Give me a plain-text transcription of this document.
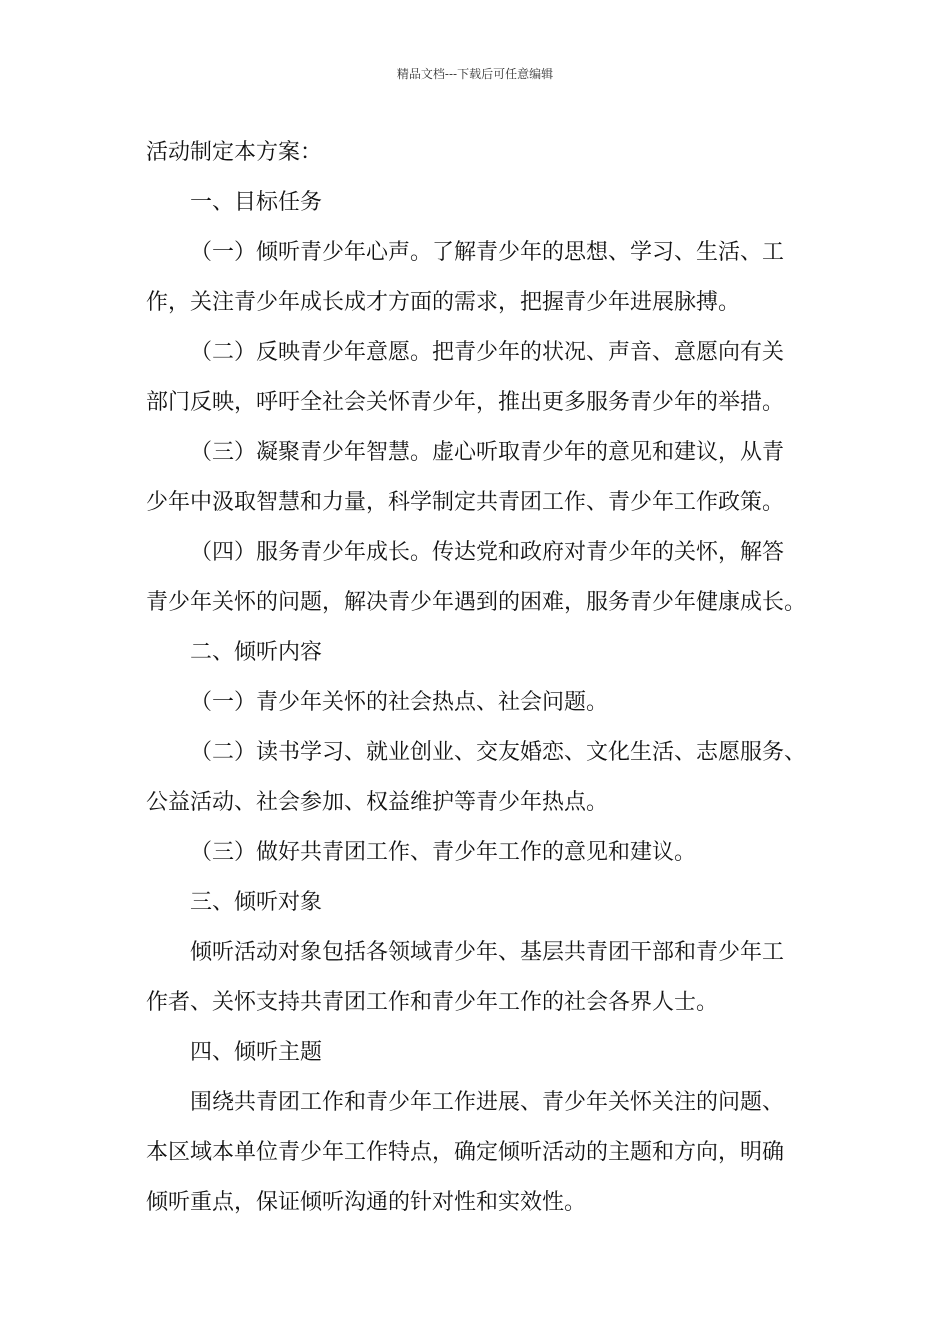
精品文档---下载后可任意编辑
活动制定本方案：
一、目标任务
（一）倾听青少年心声。了解青少年的思想、学习、生活、工
作，关注青少年成长成才方面的需求，把握青少年进展脉搏。
（二）反映青少年意愿。把青少年的状况、声音、意愿向有关
部门反映，呼吁全社会关怀青少年，推出更多服务青少年的举措。
（三）凝聚青少年智慧。虚心听取青少年的意见和建议，从青
少年中汲取智慧和力量，科学制定共青团工作、青少年工作政策。
（四）服务青少年成长。传达党和政府对青少年的关怀，解答
青少年关怀的问题，解决青少年遇到的困难，服务青少年健康成长。
二、倾听内容
（一）青少年关怀的社会热点、社会问题。
（二）读书学习、就业创业、交友婚恋、文化生活、志愿服务、
公益活动、社会参加、权益维护等青少年热点。
（三）做好共青团工作、青少年工作的意见和建议。
三、倾听对象
倾听活动对象包括各领域青少年、基层共青团干部和青少年工
作者、关怀支持共青团工作和青少年工作的社会各界人士。
四、倾听主题
围绕共青团工作和青少年工作进展、青少年关怀关注的问题、
本区域本单位青少年工作特点，确定倾听活动的主题和方向，明确
倾听重点，保证倾听沟通的针对性和实效性。
